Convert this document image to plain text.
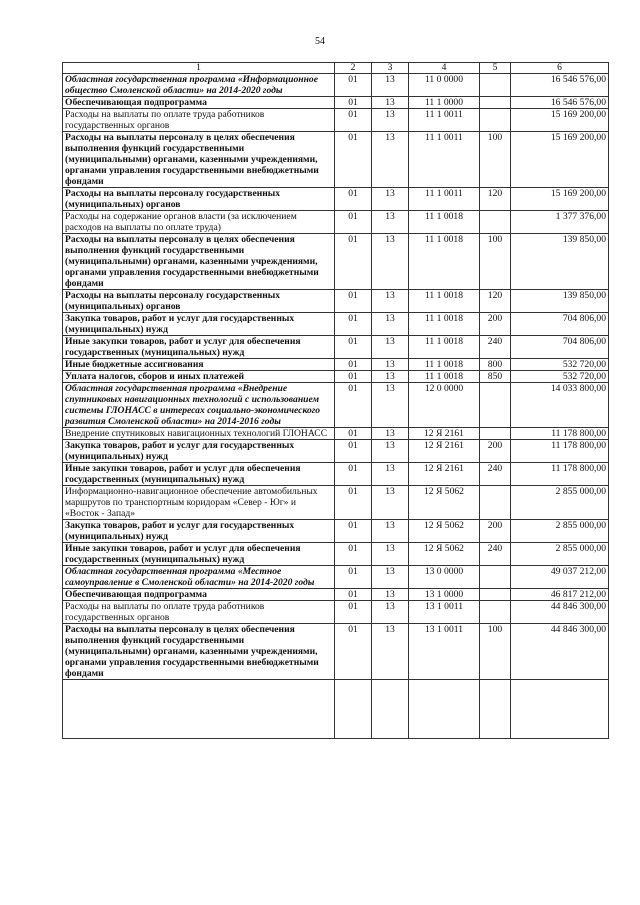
54
1	2	3	4	5	6
Областная государственная программа «Информационное общество Смоленской области» на 2014-2020 годы	01	13	11 0 0000		16 546 576,00
Обеспечивающая подпрограмма	01	13	11 1 0000		16 546 576,00
Расходы на выплаты по оплате труда работников государственных органов	01	13	11 1 0011		15 169 200,00
Расходы на выплаты персоналу в целях обеспечения выполнения функций государственными (муниципальными) органами, казенными учреждениями, органами управления государственными внебюджетными фондами	01	13	11 1 0011	100	15 169 200,00
Расходы на выплаты персоналу государственных (муниципальных) органов	01	13	11 1 0011	120	15 169 200,00
Расходы на содержание органов власти (за исключением расходов на выплаты по оплате труда)	01	13	11 1 0018		1 377 376,00
Расходы на выплаты персоналу в целях обеспечения выполнения функций государственными (муниципальными) органами, казенными учреждениями, органами управления государственными внебюджетными фондами	01	13	11 1 0018	100	139 850,00
Расходы на выплаты персоналу государственных (муниципальных) органов	01	13	11 1 0018	120	139 850,00
Закупка товаров, работ и услуг для государственных (муниципальных) нужд	01	13	11 1 0018	200	704 806,00
Иные закупки товаров, работ и услуг для обеспечения государственных (муниципальных) нужд	01	13	11 1 0018	240	704 806,00
Иные бюджетные ассигнования	01	13	11 1 0018	800	532 720,00
Уплата налогов, сборов и иных платежей	01	13	11 1 0018	850	532 720,00
Областная государственная программа «Внедрение спутниковых навигационных технологий с использованием системы ГЛОНАСС в интересах социально-экономического развития Смоленской области» на 2014-2016 годы	01	13	12 0 0000		14 033 800,00
Внедрение спутниковых навигационных технологий ГЛОНАСС	01	13	12 Я 2161		11 178 800,00
Закупка товаров, работ и услуг для государственных (муниципальных) нужд	01	13	12 Я 2161	200	11 178 800,00
Иные закупки товаров, работ и услуг для обеспечения государственных (муниципальных) нужд	01	13	12 Я 2161	240	11 178 800,00
Информационно-навигационное обеспечение автомобильных маршрутов по транспортным коридорам «Север - Юг» и «Восток - Запад»	01	13	12 Я 5062		2 855 000,00
Закупка товаров, работ и услуг для государственных (муниципальных) нужд	01	13	12 Я 5062	200	2 855 000,00
Иные закупки товаров, работ и услуг для обеспечения государственных (муниципальных) нужд	01	13	12 Я 5062	240	2 855 000,00
Областная государственная программа «Местное самоуправление в Смоленской области» на 2014-2020 годы	01	13	13 0 0000		49 037 212,00
Обеспечивающая подпрограмма	01	13	13 1 0000		46 817 212,00
Расходы на выплаты по оплате труда работников государственных органов	01	13	13 1 0011		44 846 300,00
Расходы на выплаты персоналу в целях обеспечения выполнения функций государственными (муниципальными) органами, казенными учреждениями, органами управления государственными внебюджетными фондами	01	13	13 1 0011	100	44 846 300,00
